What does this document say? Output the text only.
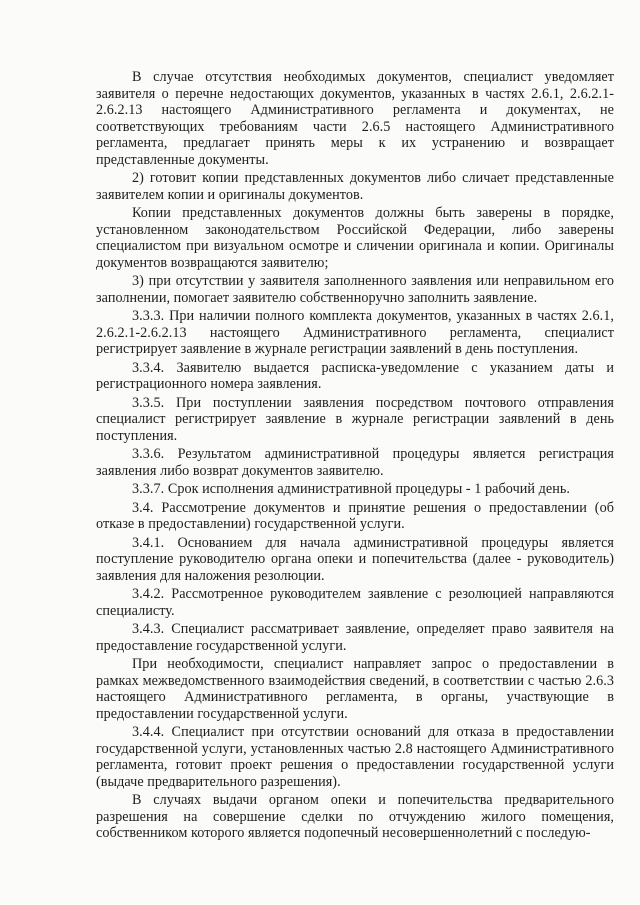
В случае отсутствия необходимых документов, специалист уведомляет заявителя о перечне недостающих документов, указанных в частях 2.6.1, 2.6.2.1-2.6.2.13 настоящего Административного регламента и документах, не соответствующих требованиям части 2.6.5 настоящего Административного регламента, предлагает принять меры к их устранению и возвращает представленные документы.

2) готовит копии представленных документов либо сличает представленные заявителем копии и оригиналы документов.

Копии представленных документов должны быть заверены в порядке, установленном законодательством Российской Федерации, либо заверены специалистом при визуальном осмотре и сличении оригинала и копии. Оригиналы документов возвращаются заявителю;

3) при отсутствии у заявителя заполненного заявления или неправильном его заполнении, помогает заявителю собственноручно заполнить заявление.

3.3.3. При наличии полного комплекта документов, указанных в частях 2.6.1, 2.6.2.1-2.6.2.13 настоящего Административного регламента, специалист регистрирует заявление в журнале регистрации заявлений в день поступления.

3.3.4. Заявителю выдается расписка-уведомление с указанием даты и регистрационного номера заявления.

3.3.5. При поступлении заявления посредством почтового отправления специалист регистрирует заявление в журнале регистрации заявлений в день поступления.

3.3.6. Результатом административной процедуры является регистрация заявления либо возврат документов заявителю.

3.3.7. Срок исполнения административной процедуры - 1 рабочий день.

3.4. Рассмотрение документов и принятие решения о предоставлении (об отказе в предоставлении) государственной услуги.

3.4.1. Основанием для начала административной процедуры является поступление руководителю органа опеки и попечительства (далее - руководитель) заявления для наложения резолюции.

3.4.2. Рассмотренное руководителем заявление с резолюцией направляются специалисту.

3.4.3. Специалист рассматривает заявление, определяет право заявителя на предоставление государственной услуги.

При необходимости, специалист направляет запрос о предоставлении в рамках межведомственного взаимодействия сведений, в соответствии с частью 2.6.3 настоящего Административного регламента, в органы, участвующие в предоставлении государственной услуги.

3.4.4. Специалист при отсутствии оснований для отказа в предоставлении государственной услуги, установленных частью 2.8 настоящего Административного регламента, готовит проект решения о предоставлении государственной услуги (выдаче предварительного разрешения).

В случаях выдачи органом опеки и попечительства предварительного разрешения на совершение сделки по отчуждению жилого помещения, собственником которого является подопечный несовершеннолетний с последую-
